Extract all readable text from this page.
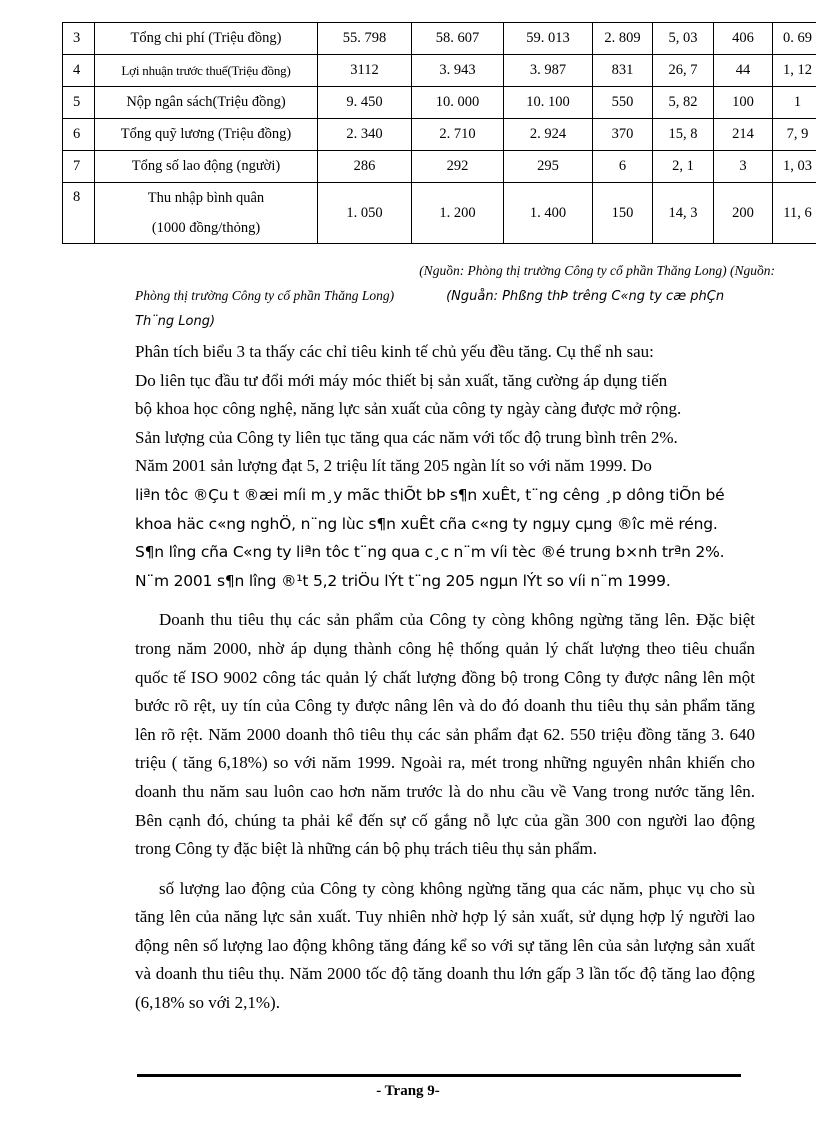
3	Tổng chi phí (Triệu đồng)	55. 798	58. 607	59. 013	2. 809	5, 03	406	0. 69
4	Lợi nhuận trước thuế(Triệu đồng)	3112	3. 943	3. 987	831	26, 7	44	1, 12
5	Nộp ngân sách(Triệu đồng)	9. 450	10. 000	10. 100	550	5, 82	100	1
6	Tổng quỹ lương (Triệu đồng)	2. 340	2. 710	2. 924	370	15, 8	214	7, 9
7	Tổng số lao động (người)	286	292	295	6	2, 1	3	1, 03
8	Thu nhập bình quân
(1000 đồng/thỏng)	1. 050	1. 200	1. 400	150	14, 3	200	11, 6
(Nguồn: Phòng thị trường Công ty cổ phần Thăng Long) (Nguồn:
Phòng thị trường Công ty cổ phần Thăng Long)	(Nguån: Phßng thÞ trêng C«ng ty cæ phÇn
Th¨ng Long)
Phân tích biểu 3 ta thấy các chỉ tiêu kinh tế chủ yếu đều tăng. Cụ thể nh sau:
Do liên tục đầu tư đổi mới máy móc thiết bị sản xuất, tăng cường áp dụng tiến
bộ khoa học công nghệ, năng lực sản xuất của công ty ngày càng được mở rộng.
Sản lượng của Công ty liên tục tăng qua các năm với tốc độ trung bình trên 2%.
Năm 2001 sản lượng đạt 5, 2 triệu lít tăng 205 ngàn lít so với năm 1999. Do
liªn tôc ®Çu t ®æi míi m¸y mãc thiÕt bÞ s¶n xuÊt, t¨ng cêng ¸p dông tiÕn bé
khoa häc c«ng nghÖ, n¨ng lùc s¶n xuÊt cña c«ng ty ngµy cµng ®îc më réng.
S¶n lîng cña C«ng ty liªn tôc t¨ng qua c¸c n¨m víi tèc ®é trung b×nh trªn 2%.
N¨m 2001 s¶n lîng ®¹t 5,2 triÖu lÝt t¨ng 205 ngµn lÝt so víi n¨m 1999.

Doanh thu tiêu thụ các sản phẩm của Công ty còng không ngừng tăng lên. Đặc biệt trong năm 2000, nhờ áp dụng thành công hệ thống quản lý chất lượng theo tiêu chuẩn quốc tế ISO 9002 công tác quản lý chất lượng đồng bộ trong Công ty được nâng lên một bước rõ rệt, uy tín của Công ty được nâng lên và do đó doanh thu tiêu thụ sản phẩm tăng lên rõ rệt. Năm 2000 doanh thô tiêu thụ các sản phẩm đạt 62. 550 triệu đồng tăng 3. 640 triệu ( tăng 6,18%) so với năm 1999. Ngoài ra, mét trong những nguyên nhân khiến cho doanh thu năm sau luôn cao hơn năm trước là do nhu cầu về Vang trong nước tăng lên. Bên cạnh đó, chúng ta phải kể đến sự cố gắng nỗ lực của gần 300 con người lao động trong Công ty đặc biệt là những cán bộ phụ trách tiêu thụ sản phẩm.

số lượng lao động của Công ty còng không ngừng tăng qua các năm, phục vụ cho sù tăng lên của năng lực sản xuất. Tuy nhiên nhờ hợp lý sản xuất, sử dụng hợp lý người lao động nên số lượng lao động không tăng đáng kể so với sự tăng lên của sản lượng sản xuất và doanh thu tiêu thụ. Năm 2000 tốc độ tăng doanh thu lớn gấp 3 lần tốc độ tăng lao động (6,18% so với 2,1%).

- Trang 9-
